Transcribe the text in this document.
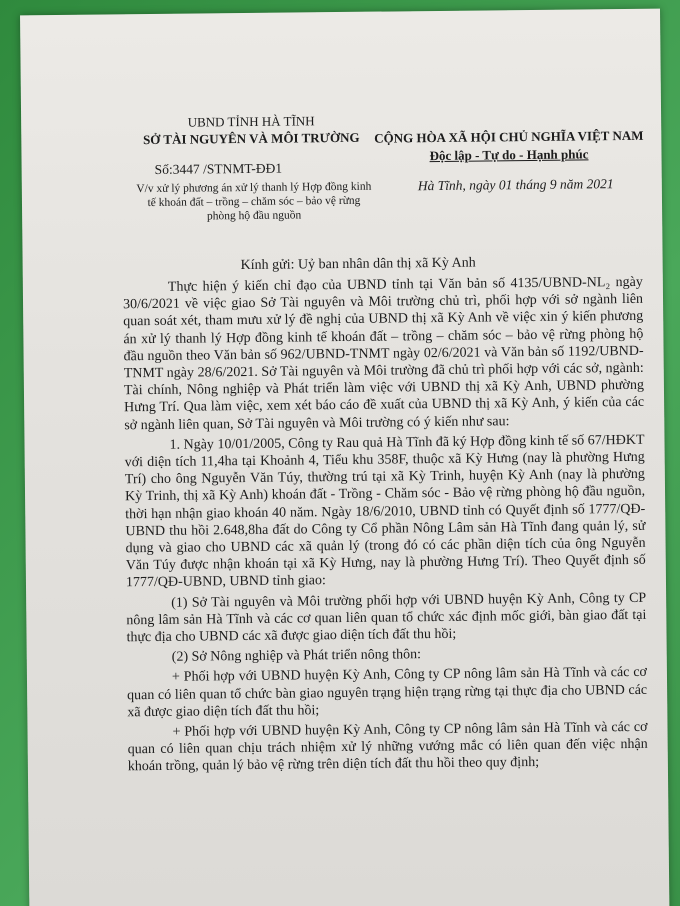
UBND TỈNH HÀ TĨNH
SỞ TÀI NGUYÊN VÀ MÔI TRƯỜNG	CỘNG HÒA XÃ HỘI CHỦ NGHĨA VIỆT NAM
Độc lập - Tự do - Hạnh phúc
Số:3447 /STNMT-ĐĐ1
Hà Tĩnh, ngày 01 tháng 9 năm 2021
V/v xử lý phương án xử lý thanh lý Hợp đồng kinh tế khoán đất – trồng – chăm sóc – bảo vệ rừng phòng hộ đầu nguồn
Kính gửi: Uỷ ban nhân dân thị xã Kỳ Anh

Thực hiện ý kiến chỉ đạo của UBND tỉnh tại Văn bản số 4135/UBND-NL₂ ngày 30/6/2021 về việc giao Sở Tài nguyên và Môi trường chủ trì, phối hợp với sở ngành liên quan soát xét, tham mưu xử lý đề nghị của UBND thị xã Kỳ Anh về việc xin ý kiến phương án xử lý thanh lý Hợp đồng kinh tế khoán đất – trồng – chăm sóc – bảo vệ rừng phòng hộ đầu nguồn theo Văn bản số 962/UBND-TNMT ngày 02/6/2021 và Văn bản số 1192/UBND-TNMT ngày 28/6/2021. Sở Tài nguyên và Môi trường đã chủ trì phối hợp với các sở, ngành: Tài chính, Nông nghiệp và Phát triển làm việc với UBND thị xã Kỳ Anh, UBND phường Hưng Trí. Qua làm việc, xem xét báo cáo đề xuất của UBND thị xã Kỳ Anh, ý kiến của các sở ngành liên quan, Sở Tài nguyên và Môi trường có ý kiến như sau:

1. Ngày 10/01/2005, Công ty Rau quả Hà Tĩnh đã ký Hợp đồng kinh tế số 67/HĐKT với diện tích 11,4ha tại Khoảnh 4, Tiểu khu 358F, thuộc xã Kỳ Hưng (nay là phường Hưng Trí) cho ông Nguyễn Văn Túy, thường trú tại xã Kỳ Trinh, huyện Kỳ Anh (nay là phường Kỳ Trinh, thị xã Kỳ Anh) khoán đất - Trồng - Chăm sóc - Bảo vệ rừng phòng hộ đầu nguồn, thời hạn nhận giao khoán 40 năm. Ngày 18/6/2010, UBND tỉnh có Quyết định số 1777/QĐ-UBND thu hồi 2.648,8ha đất do Công ty Cổ phần Nông Lâm sản Hà Tĩnh đang quản lý, sử dụng và giao cho UBND các xã quản lý (trong đó có các phần diện tích của ông Nguyễn Văn Túy được nhận khoán tại xã Kỳ Hưng, nay là phường Hưng Trí). Theo Quyết định số 1777/QĐ-UBND, UBND tỉnh giao:

(1) Sở Tài nguyên và Môi trường phối hợp với UBND huyện Kỳ Anh, Công ty CP nông lâm sản Hà Tĩnh và các cơ quan liên quan tổ chức xác định mốc giới, bàn giao đất tại thực địa cho UBND các xã được giao diện tích đất thu hồi;

(2) Sở Nông nghiệp và Phát triển nông thôn:

+ Phối hợp với UBND huyện Kỳ Anh, Công ty CP nông lâm sản Hà Tĩnh và các cơ quan có liên quan tổ chức bàn giao nguyên trạng hiện trạng rừng tại thực địa cho UBND các xã được giao diện tích đất thu hồi;

+ Phối hợp với UBND huyện Kỳ Anh, Công ty CP nông lâm sản Hà Tĩnh và các cơ quan có liên quan chịu trách nhiệm xử lý những vướng mắc có liên quan đến việc nhận khoán trồng, quản lý bảo vệ rừng trên diện tích đất thu hồi theo quy định;
